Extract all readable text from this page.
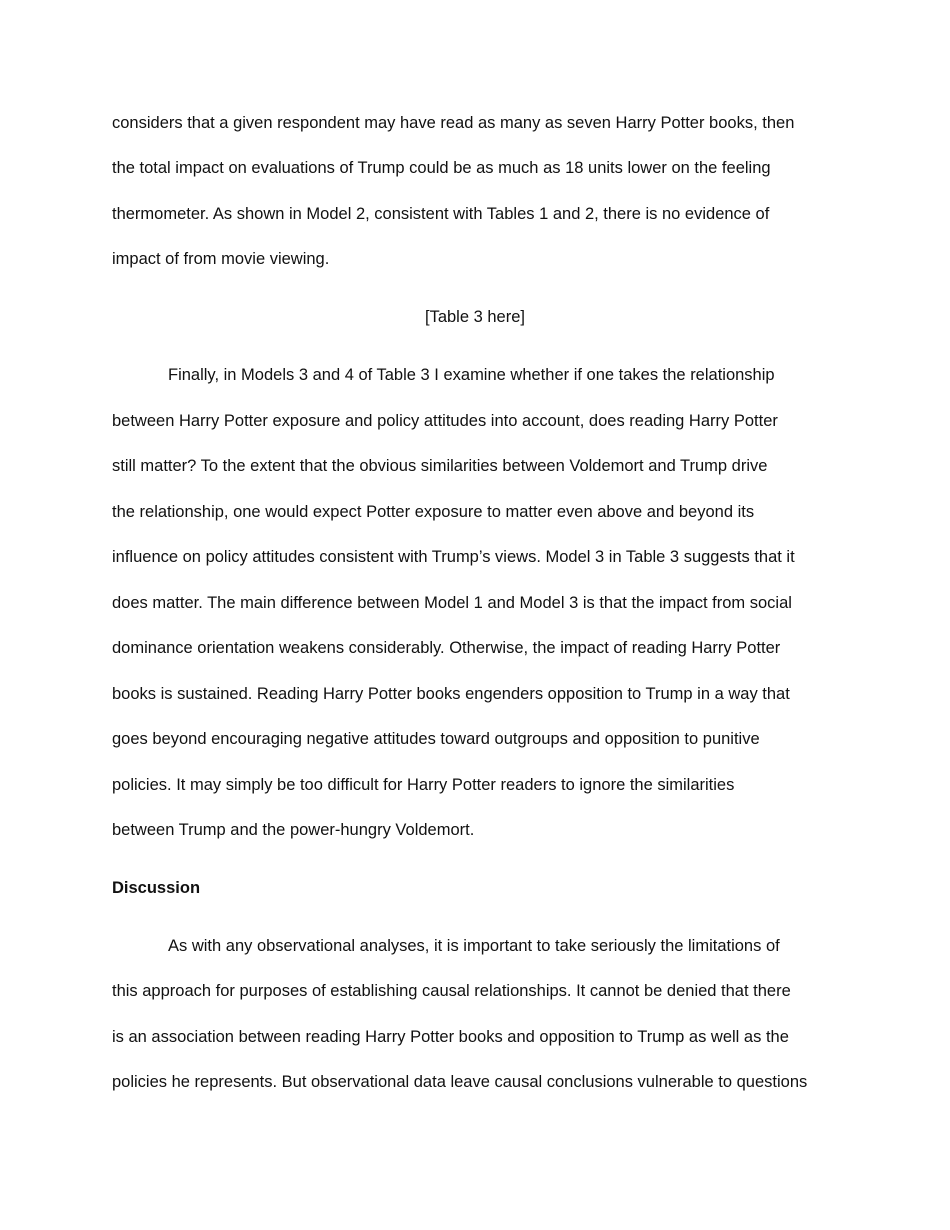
considers that a given respondent may have read as many as seven Harry Potter books, then
the total impact on evaluations of Trump could be as much as 18 units lower on the feeling
thermometer. As shown in Model 2, consistent with Tables 1 and 2, there is no evidence of
impact of from movie viewing.
[Table 3 here]
Finally, in Models 3 and 4 of Table 3 I examine whether if one takes the relationship
between Harry Potter exposure and policy attitudes into account, does reading Harry Potter
still matter? To the extent that the obvious similarities between Voldemort and Trump drive
the relationship, one would expect Potter exposure to matter even above and beyond its
influence on policy attitudes consistent with Trump’s views. Model 3 in Table 3 suggests that it
does matter. The main difference between Model 1 and Model 3 is that the impact from social
dominance orientation weakens considerably. Otherwise, the impact of reading Harry Potter
books is sustained. Reading Harry Potter books engenders opposition to Trump in a way that
goes beyond encouraging negative attitudes toward outgroups and opposition to punitive
policies. It may simply be too difficult for Harry Potter readers to ignore the similarities
between Trump and the power-hungry Voldemort.
Discussion
As with any observational analyses, it is important to take seriously the limitations of
this approach for purposes of establishing causal relationships. It cannot be denied that there
is an association between reading Harry Potter books and opposition to Trump as well as the
policies he represents. But observational data leave causal conclusions vulnerable to questions
